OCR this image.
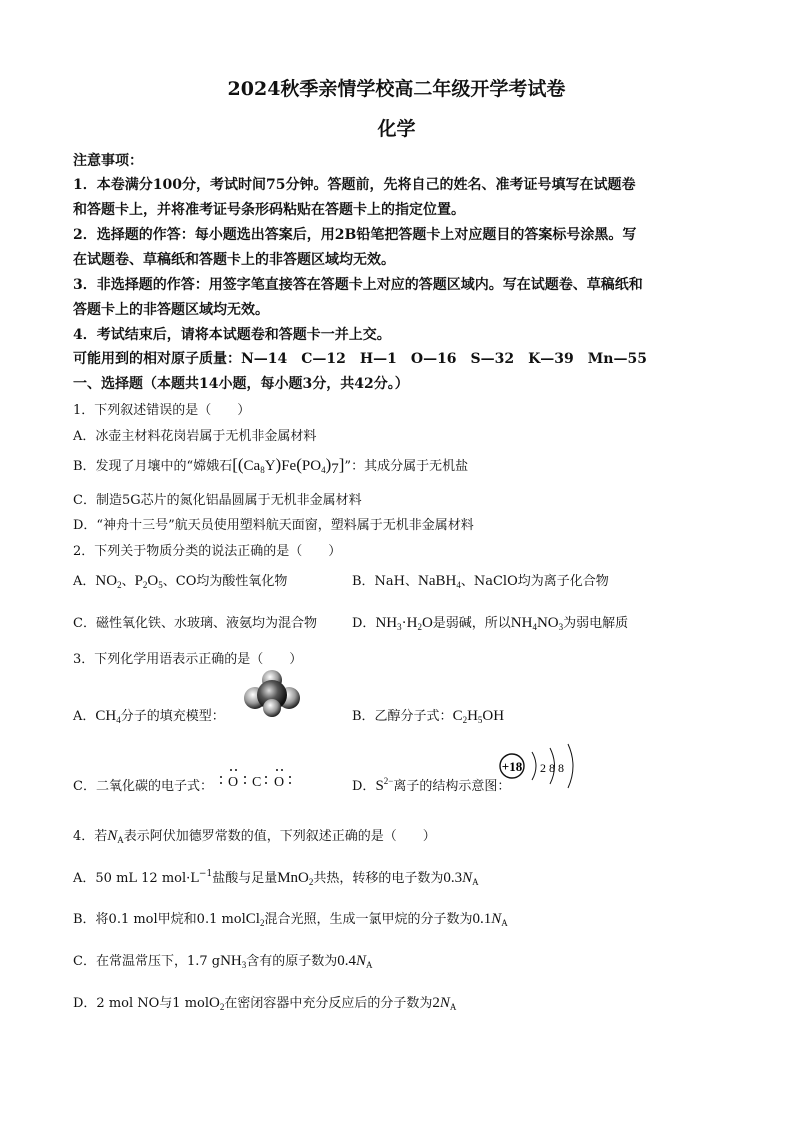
2024秋季亲情学校高二年级开学考试卷
化学
注意事项：
1．本卷满分100分，考试时间75分钟。答题前，先将自己的姓名、准考证号填写在试题卷
和答题卡上，并将准考证号条形码粘贴在答题卡上的指定位置。
2．选择题的作答：每小题选出答案后，用2B铅笔把答题卡上对应题目的答案标号涂黑。写
在试题卷、草稿纸和答题卡上的非答题区域均无效。
3．非选择题的作答：用签字笔直接答在答题卡上对应的答题区域内。写在试题卷、草稿纸和
答题卡上的非答题区域均无效。
4．考试结束后，请将本试题卷和答题卡一并上交。
可能用到的相对原子质量：N—14　C—12　H—1　O—16　S—32　K—39　Mn—55
一、选择题（本题共14小题，每小题3分，共42分。）
1．下列叙述错误的是（　　）
A．冰壶主材料花岗岩属于无机非金属材料
B．发现了月壤中的“嫦娥石$[(Ca_8Y)Fe(PO_4)_7]$”：其成分属于无机盐
C．制造5G芯片的氮化铝晶圆属于无机非金属材料
D．“神舟十三号”航天员使用塑料航天面窗，塑料属于无机非金属材料
2．下列关于物质分类的说法正确的是（　　）
A．$NO_2$、$P_2O_5$、CO均为酸性氧化物	B．NaH、NaBH$_4$、NaClO均为离子化合物
C．磁性氧化铁、水玻璃、液氨均为混合物	D．$NH_3\cdot H_2O$是弱碱，所以$NH_4NO_3$为弱电解质
3．下列化学用语表示正确的是（　　）
A．$CH_4$分子的填充模型：	B．乙醇分子式：$C_2H_5OH$
C．二氧化碳的电子式： O C O	D．$S^{2-}$离子的结构示意图：
+18 2 8 8
4．若$N_A$表示阿伏加德罗常数的值，下列叙述正确的是（　　）
A．50 mL 12 $mol\cdot L^{-1}$盐酸与足量MnO$_2$共热，转移的电子数为$0.3N_A$
B．将0.1 mol甲烷和0.1 molCl$_2$混合光照，生成一氯甲烷的分子数为$0.1N_A$
C．在常温常压下，1.7 gNH$_3$含有的原子数为$0.4N_A$
D．2 mol NO与1 molO$_2$在密闭容器中充分反应后的分子数为$2N_A$
